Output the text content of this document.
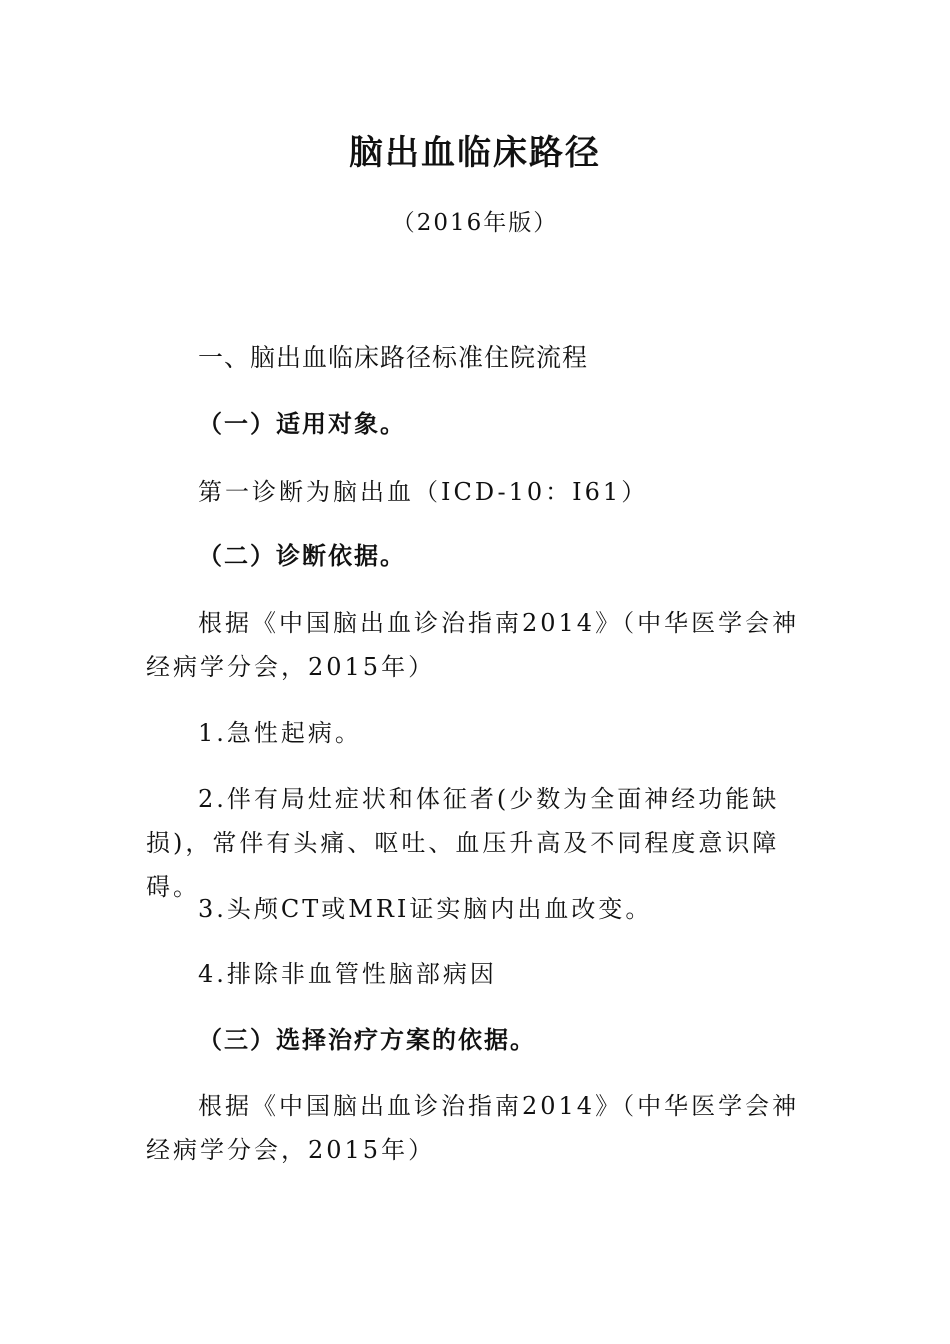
脑出血临床路径
（2016年版）
一、脑出血临床路径标准住院流程
（一）适用对象。

第一诊断为脑出血（ICD-10：I61）

（二）诊断依据。

根据《中国脑出血诊治指南2014》（中华医学会神经病学分会，2015年）

1.急性起病。

2.伴有局灶症状和体征者(少数为全面神经功能缺损)，常伴有头痛、呕吐、血压升高及不同程度意识障碍。

3.头颅CT或MRI证实脑内出血改变。

4.排除非血管性脑部病因

（三）选择治疗方案的依据。

根据《中国脑出血诊治指南2014》（中华医学会神经病学分会，2015年）
